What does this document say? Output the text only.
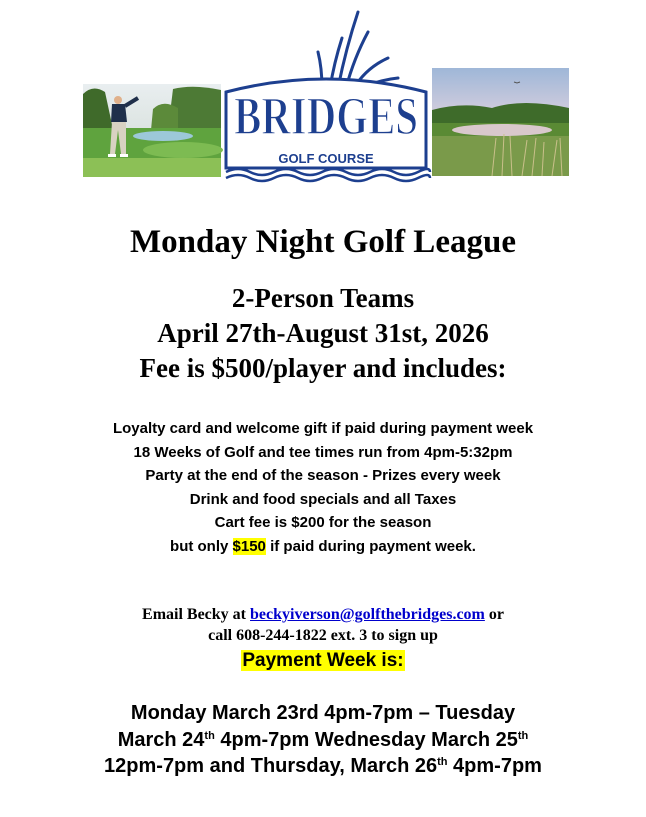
BRIDGES
GOLF COURSE
Monday Night Golf League
2-Person Teams
April 27th-August 31st, 2026
Fee is $500/player and includes:
Loyalty card and welcome gift if paid during payment week
18 Weeks of Golf and tee times run from 4pm-5:32pm
Party at the end of the season - Prizes every week
Drink and food specials and all Taxes
Cart fee is $200 for the season
but only $150 if paid during payment week.
Email Becky at beckyiverson@golfthebridges.com or
call 608-244-1822 ext. 3 to sign up
Payment Week is:
Monday March 23rd 4pm-7pm – Tuesday
March 24th 4pm-7pm Wednesday March 25th
12pm-7pm and Thursday, March 26th 4pm-7pm
